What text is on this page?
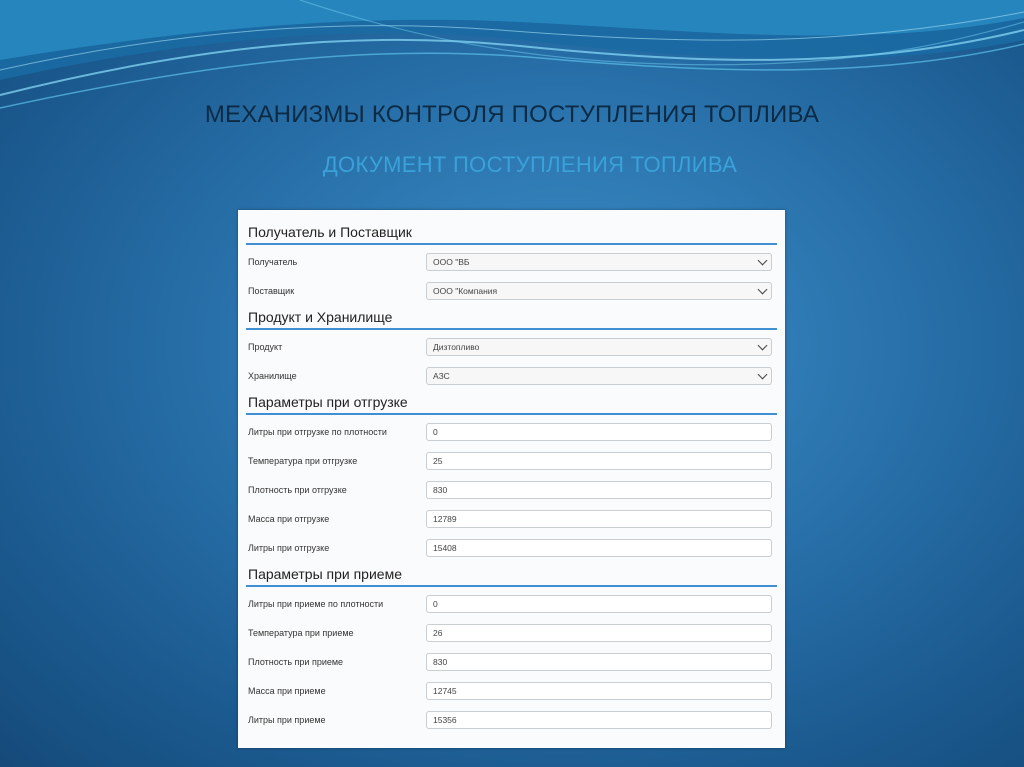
МЕХАНИЗМЫ КОНТРОЛЯ ПОСТУПЛЕНИЯ ТОПЛИВА
ДОКУМЕНТ ПОСТУПЛЕНИЯ ТОПЛИВА
Получатель и Поставщик
Получатель	ООО "ВБ
Поставщик	ООО "Компания
Продукт и Хранилище
Продукт	Дизтопливо
Хранилище	АЗС
Параметры при отгрузке
Литры при отгрузке по плотности	0
Температура при отгрузке	25
Плотность при отгрузке	830
Масса при отгрузке	12789
Литры при отгрузке	15408
Параметры при приеме
Литры при приеме по плотности	0
Температура при приеме	26
Плотность при приеме	830
Масса при приеме	12745
Литры при приеме	15356
